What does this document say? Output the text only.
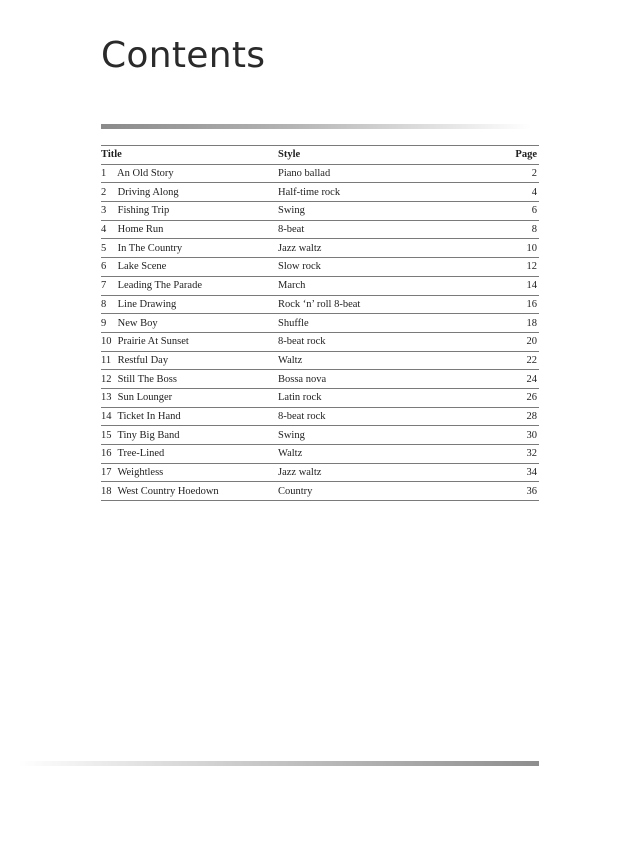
Contents
Title	Style	Page
1 An Old Story	Piano ballad	2
2 Driving Along	Half-time rock	4
3 Fishing Trip	Swing	6
4 Home Run	8-beat	8
5 In The Country	Jazz waltz	10
6 Lake Scene	Slow rock	12
7 Leading The Parade	March	14
8 Line Drawing	Rock ‘n’ roll 8-beat	16
9 New Boy	Shuffle	18
10 Prairie At Sunset	8-beat rock	20
11 Restful Day	Waltz	22
12 Still The Boss	Bossa nova	24
13 Sun Lounger	Latin rock	26
14 Ticket In Hand	8-beat rock	28
15 Tiny Big Band	Swing	30
16 Tree-Lined	Waltz	32
17 Weightless	Jazz waltz	34
18 West Country Hoedown	Country	36
